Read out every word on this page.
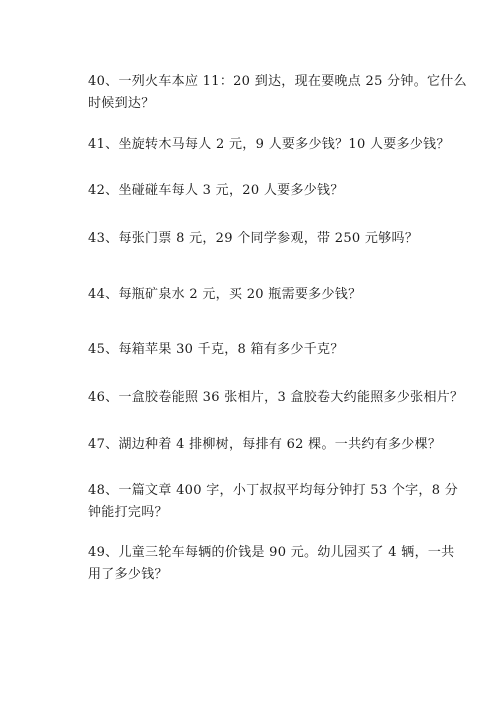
40、一列火车本应 11：20 到达，现在要晚点 25 分钟。它什么
时候到达？
41、坐旋转木马每人 2 元，9 人要多少钱？10 人要多少钱？
42、坐碰碰车每人 3 元，20 人要多少钱？
43、每张门票 8 元，29 个同学参观，带 250 元够吗？
44、每瓶矿泉水 2 元，买 20 瓶需要多少钱？
45、每箱苹果 30 千克，8 箱有多少千克？
46、一盒胶卷能照 36 张相片，3 盒胶卷大约能照多少张相片？
47、湖边种着 4 排柳树，每排有 62 棵。一共约有多少棵？
48、一篇文章 400 字，小丁叔叔平均每分钟打 53 个字，8 分
钟能打完吗？
49、儿童三轮车每辆的价钱是 90 元。幼儿园买了 4 辆，一共
用了多少钱？
